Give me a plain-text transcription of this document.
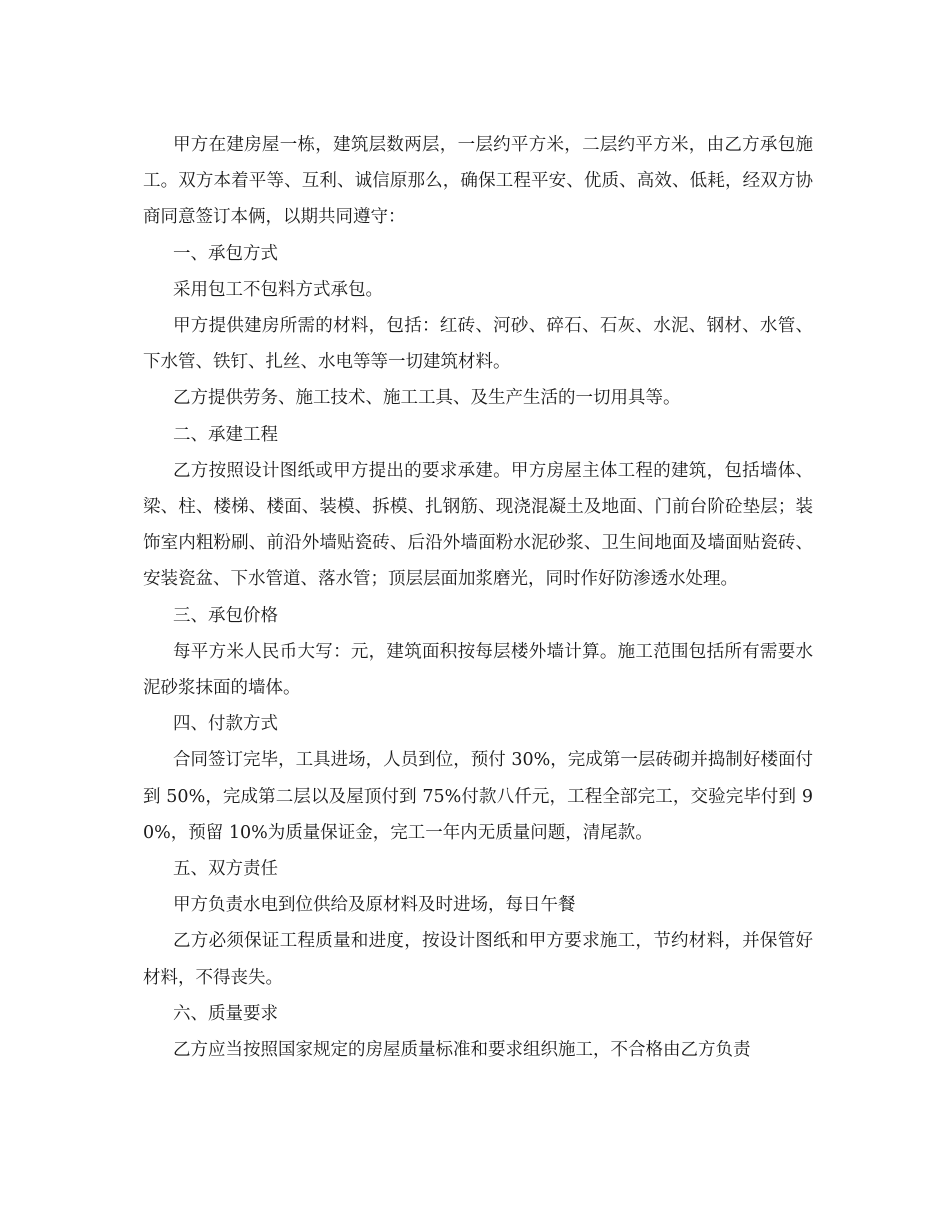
甲方在建房屋一栋，建筑层数两层，一层约平方米，二层约平方米，由乙方承包施工。双方本着平等、互利、诚信原那么，确保工程平安、优质、高效、低耗，经双方协商同意签订本俩，以期共同遵守：

一、承包方式

采用包工不包料方式承包。

甲方提供建房所需的材料，包括：红砖、河砂、碎石、石灰、水泥、钢材、水管、下水管、铁钉、扎丝、水电等等一切建筑材料。

乙方提供劳务、施工技术、施工工具、及生产生活的一切用具等。

二、承建工程

乙方按照设计图纸或甲方提出的要求承建。甲方房屋主体工程的建筑，包括墙体、梁、柱、楼梯、楼面、装模、拆模、扎钢筋、现浇混凝土及地面、门前台阶砼垫层；装饰室内粗粉刷、前沿外墙贴瓷砖、后沿外墙面粉水泥砂浆、卫生间地面及墙面贴瓷砖、安装瓷盆、下水管道、落水管；顶层层面加浆磨光，同时作好防渗透水处理。

三、承包价格

每平方米人民币大写：元，建筑面积按每层楼外墙计算。施工范围包括所有需要水泥砂浆抹面的墙体。

四、付款方式

合同签订完毕，工具进场，人员到位，预付 30%，完成第一层砖砌并捣制好楼面付到 50%，完成第二层以及屋顶付到 75%付款八仟元，工程全部完工，交验完毕付到 90%，预留 10%为质量保证金，完工一年内无质量问题，清尾款。

五、双方责任

甲方负责水电到位供给及原材料及时进场，每日午餐

乙方必须保证工程质量和进度，按设计图纸和甲方要求施工，节约材料，并保管好材料，不得丧失。

六、质量要求

乙方应当按照国家规定的房屋质量标准和要求组织施工，不合格由乙方负责
